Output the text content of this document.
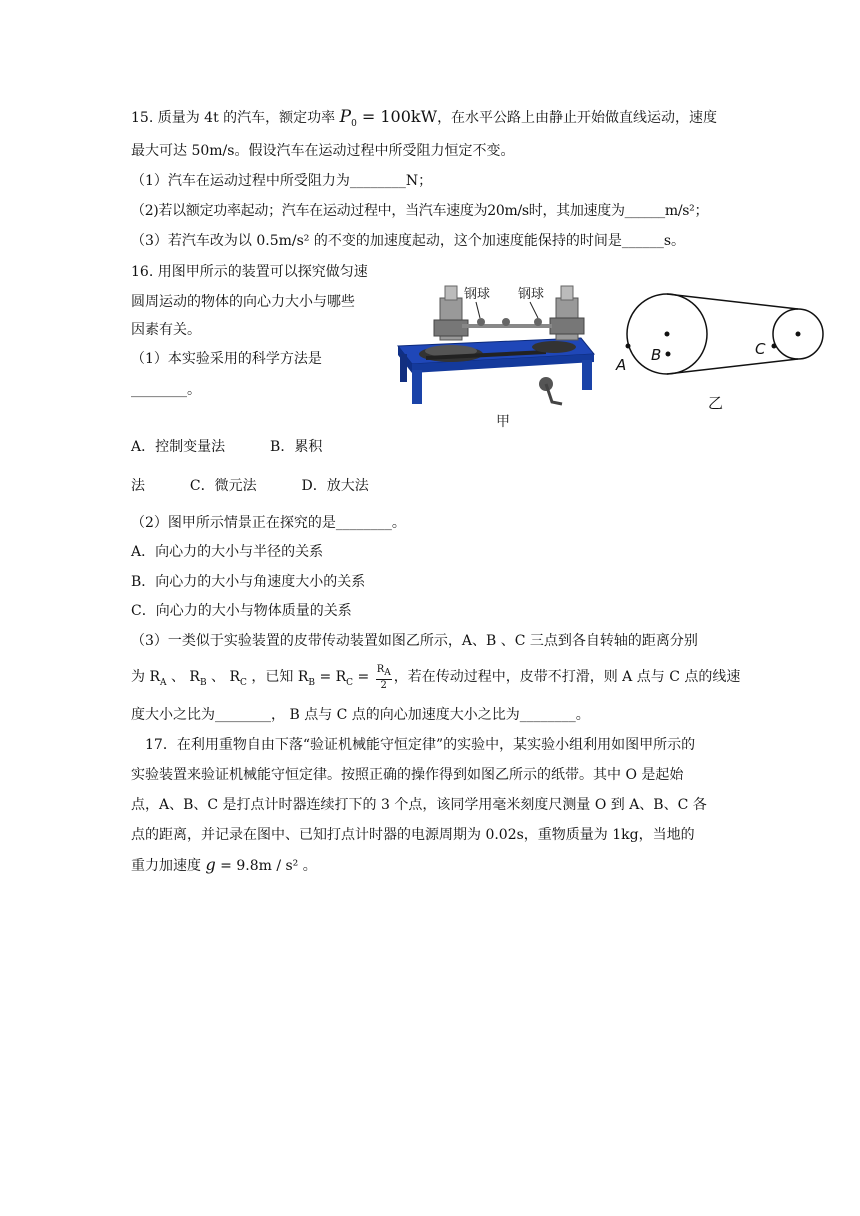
15. 质量为 4t 的汽车，额定功率 $P_0 = 100kW$，在水平公路上由静止开始做直线运动，速度
最大可达 50m/s。假设汽车在运动过程中所受阻力恒定不变。
（1）汽车在运动过程中所受阻力为________N；
（2)若以额定功率起动；汽车在运动过程中，当汽车速度为20m/s时，其加速度为______m/s²；
（3）若汽车改为以 0.5m/s² 的不变的加速度起动，这个加速度能保持的时间是______s。
16. 用图甲所示的装置可以探究做匀速
圆周运动的物体的向心力大小与哪些
因素有关。
（1）本实验采用的科学方法是
________。
钢球 钢球
甲
A
B	C
乙
A．控制变量法	B．累积
法	C．微元法	D．放大法
（2）图甲所示情景正在探究的是________。
A．向心力的大小与半径的关系
B．向心力的大小与角速度大小的关系
C．向心力的大小与物体质量的关系
（3）一类似于实验装置的皮带传动装置如图乙所示，A、B 、C 三点到各自转轴的距离分别
为 $R_A$ 、 $R_B$ 、 $R_C$ ，已知 $R_B = R_C = \frac{R_A}{2}$ ，若在传动过程中，皮带不打滑，则 A 点与 C 点的线速
度大小之比为________， B 点与 C 点的向心加速度大小之比为________。
17．在利用重物自由下落“验证机械能守恒定律”的实验中，某实验小组利用如图甲所示的
实验装置来验证机械能守恒定律。按照正确的操作得到如图乙所示的纸带。其中 O 是起始
点，A、B、C 是打点计时器连续打下的 3 个点，该同学用毫米刻度尺测量 O 到 A、B、C 各
点的距离，并记录在图中、已知打点计时器的电源周期为 0.02s，重物质量为 1kg，当地的
重力加速度 g = 9.8m / s² 。
